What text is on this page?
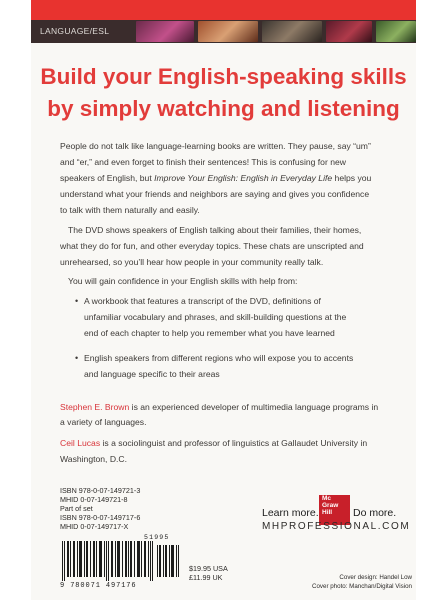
LANGUAGE/ESL
Build your English-speaking skills
by simply watching and listening

People do not talk like language-learning books are written. They pause, say “um”

and “er,” and even forget to finish their sentences! This is confusing for new

speakers of English, but Improve Your English: English in Everyday Life helps you

understand what your friends and neighbors are saying and gives you confidence

to talk with them naturally and easily.

The DVD shows speakers of English talking about their families, their homes,

what they do for fun, and other everyday topics. These chats are unscripted and

unrehearsed, so you’ll hear how people in your community really talk.

You will gain confidence in your English skills with help from:

• A workbook that features a transcript of the DVD, definitions of

unfamiliar vocabulary and phrases, and skill-building questions at the

end of each chapter to help you remember what you have learned

• English speakers from different regions who will expose you to accents

and language specific to their areas

Stephen E. Brown is an experienced developer of multimedia language programs in

a variety of languages.

Ceil Lucas is a sociolinguist and professor of linguistics at Gallaudet University in

Washington, D.C.

ISBN 978-0-07-149721-3
MHID 0-07-149721-8
Part of set
ISBN 978-0-07-149717-6
MHID 0-07-149717-X
51995
9 780071 497176
$19.95 USA
£11.99 UK
Learn more.
Mc
Graw
Hill	Do more.
MHPROFESSIONAL.COM
Cover design: Handel Low
Cover photo: Manchan/Digital Vision
